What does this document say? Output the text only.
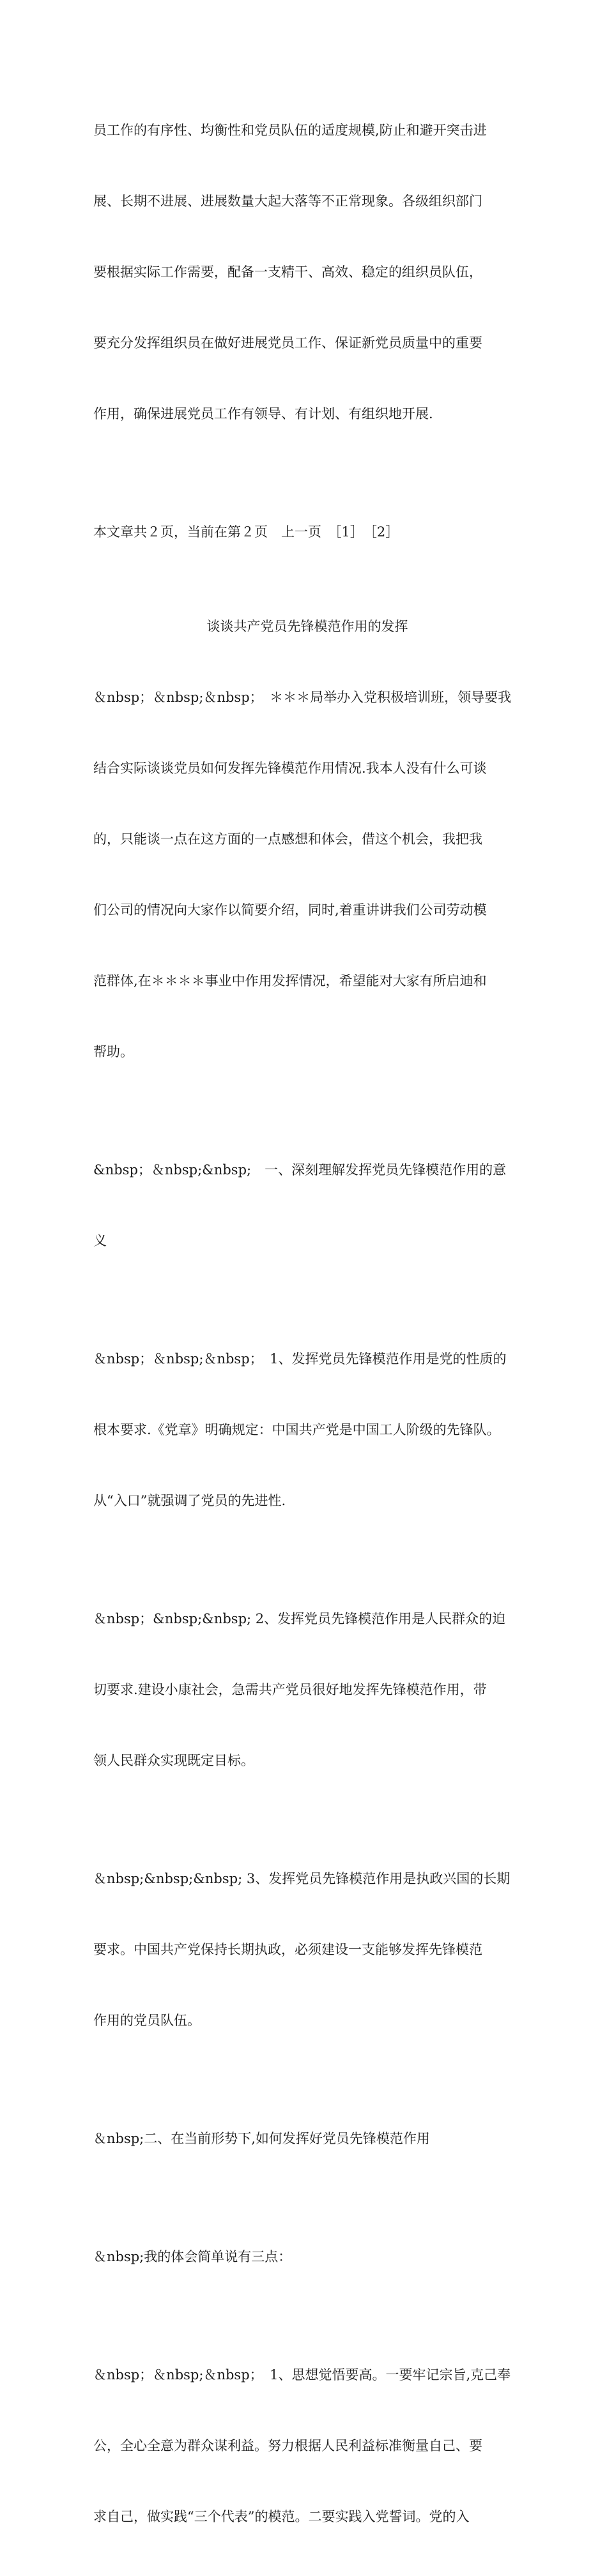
员工作的有序性、均衡性和党员队伍的适度规模,防止和避开突击进

展、长期不进展、进展数量大起大落等不正常现象。各级组织部门

要根据实际工作需要，配备一支精干、高效、稳定的组织员队伍，

要充分发挥组织员在做好进展党员工作、保证新党员质量中的重要

作用，确保进展党员工作有领导、有计划、有组织地开展.

本文章共２页，当前在第２页　上一页　［1］　［2］

谈谈共产党员先锋模范作用的发挥

＆nbsp；＆nbsp;＆nbsp；　＊＊＊局举办入党积极培训班，领导要我

结合实际谈谈党员如何发挥先锋模范作用情况.我本人没有什么可谈

的，只能谈一点在这方面的一点感想和体会，借这个机会，我把我

们公司的情况向大家作以简要介绍，同时,着重讲讲我们公司劳动模

范群体,在＊＊＊＊事业中作用发挥情况，希望能对大家有所启迪和

帮助。

&nbsp；＆nbsp;&nbsp;　一、深刻理解发挥党员先锋模范作用的意

义

＆nbsp；＆nbsp;＆nbsp；　1、发挥党员先锋模范作用是党的性质的

根本要求.《党章》明确规定：中国共产党是中国工人阶级的先锋队。

从“入口”就强调了党员的先进性.

＆nbsp；&nbsp;&nbsp; 2、发挥党员先锋模范作用是人民群众的迫

切要求.建设小康社会，急需共产党员很好地发挥先锋模范作用，带

领人民群众实现既定目标。

＆nbsp;&nbsp;&nbsp; 3、发挥党员先锋模范作用是执政兴国的长期

要求。中国共产党保持长期执政，必须建设一支能够发挥先锋模范

作用的党员队伍。

＆nbsp;二、在当前形势下,如何发挥好党员先锋模范作用

＆nbsp;我的体会简单说有三点：

＆nbsp；＆nbsp;＆nbsp；　1、思想觉悟要高。一要牢记宗旨,克己奉

公，全心全意为群众谋利益。努力根据人民利益标准衡量自己、要

求自己，做实践“三个代表”的模范。二要实践入党誓词。党的入
